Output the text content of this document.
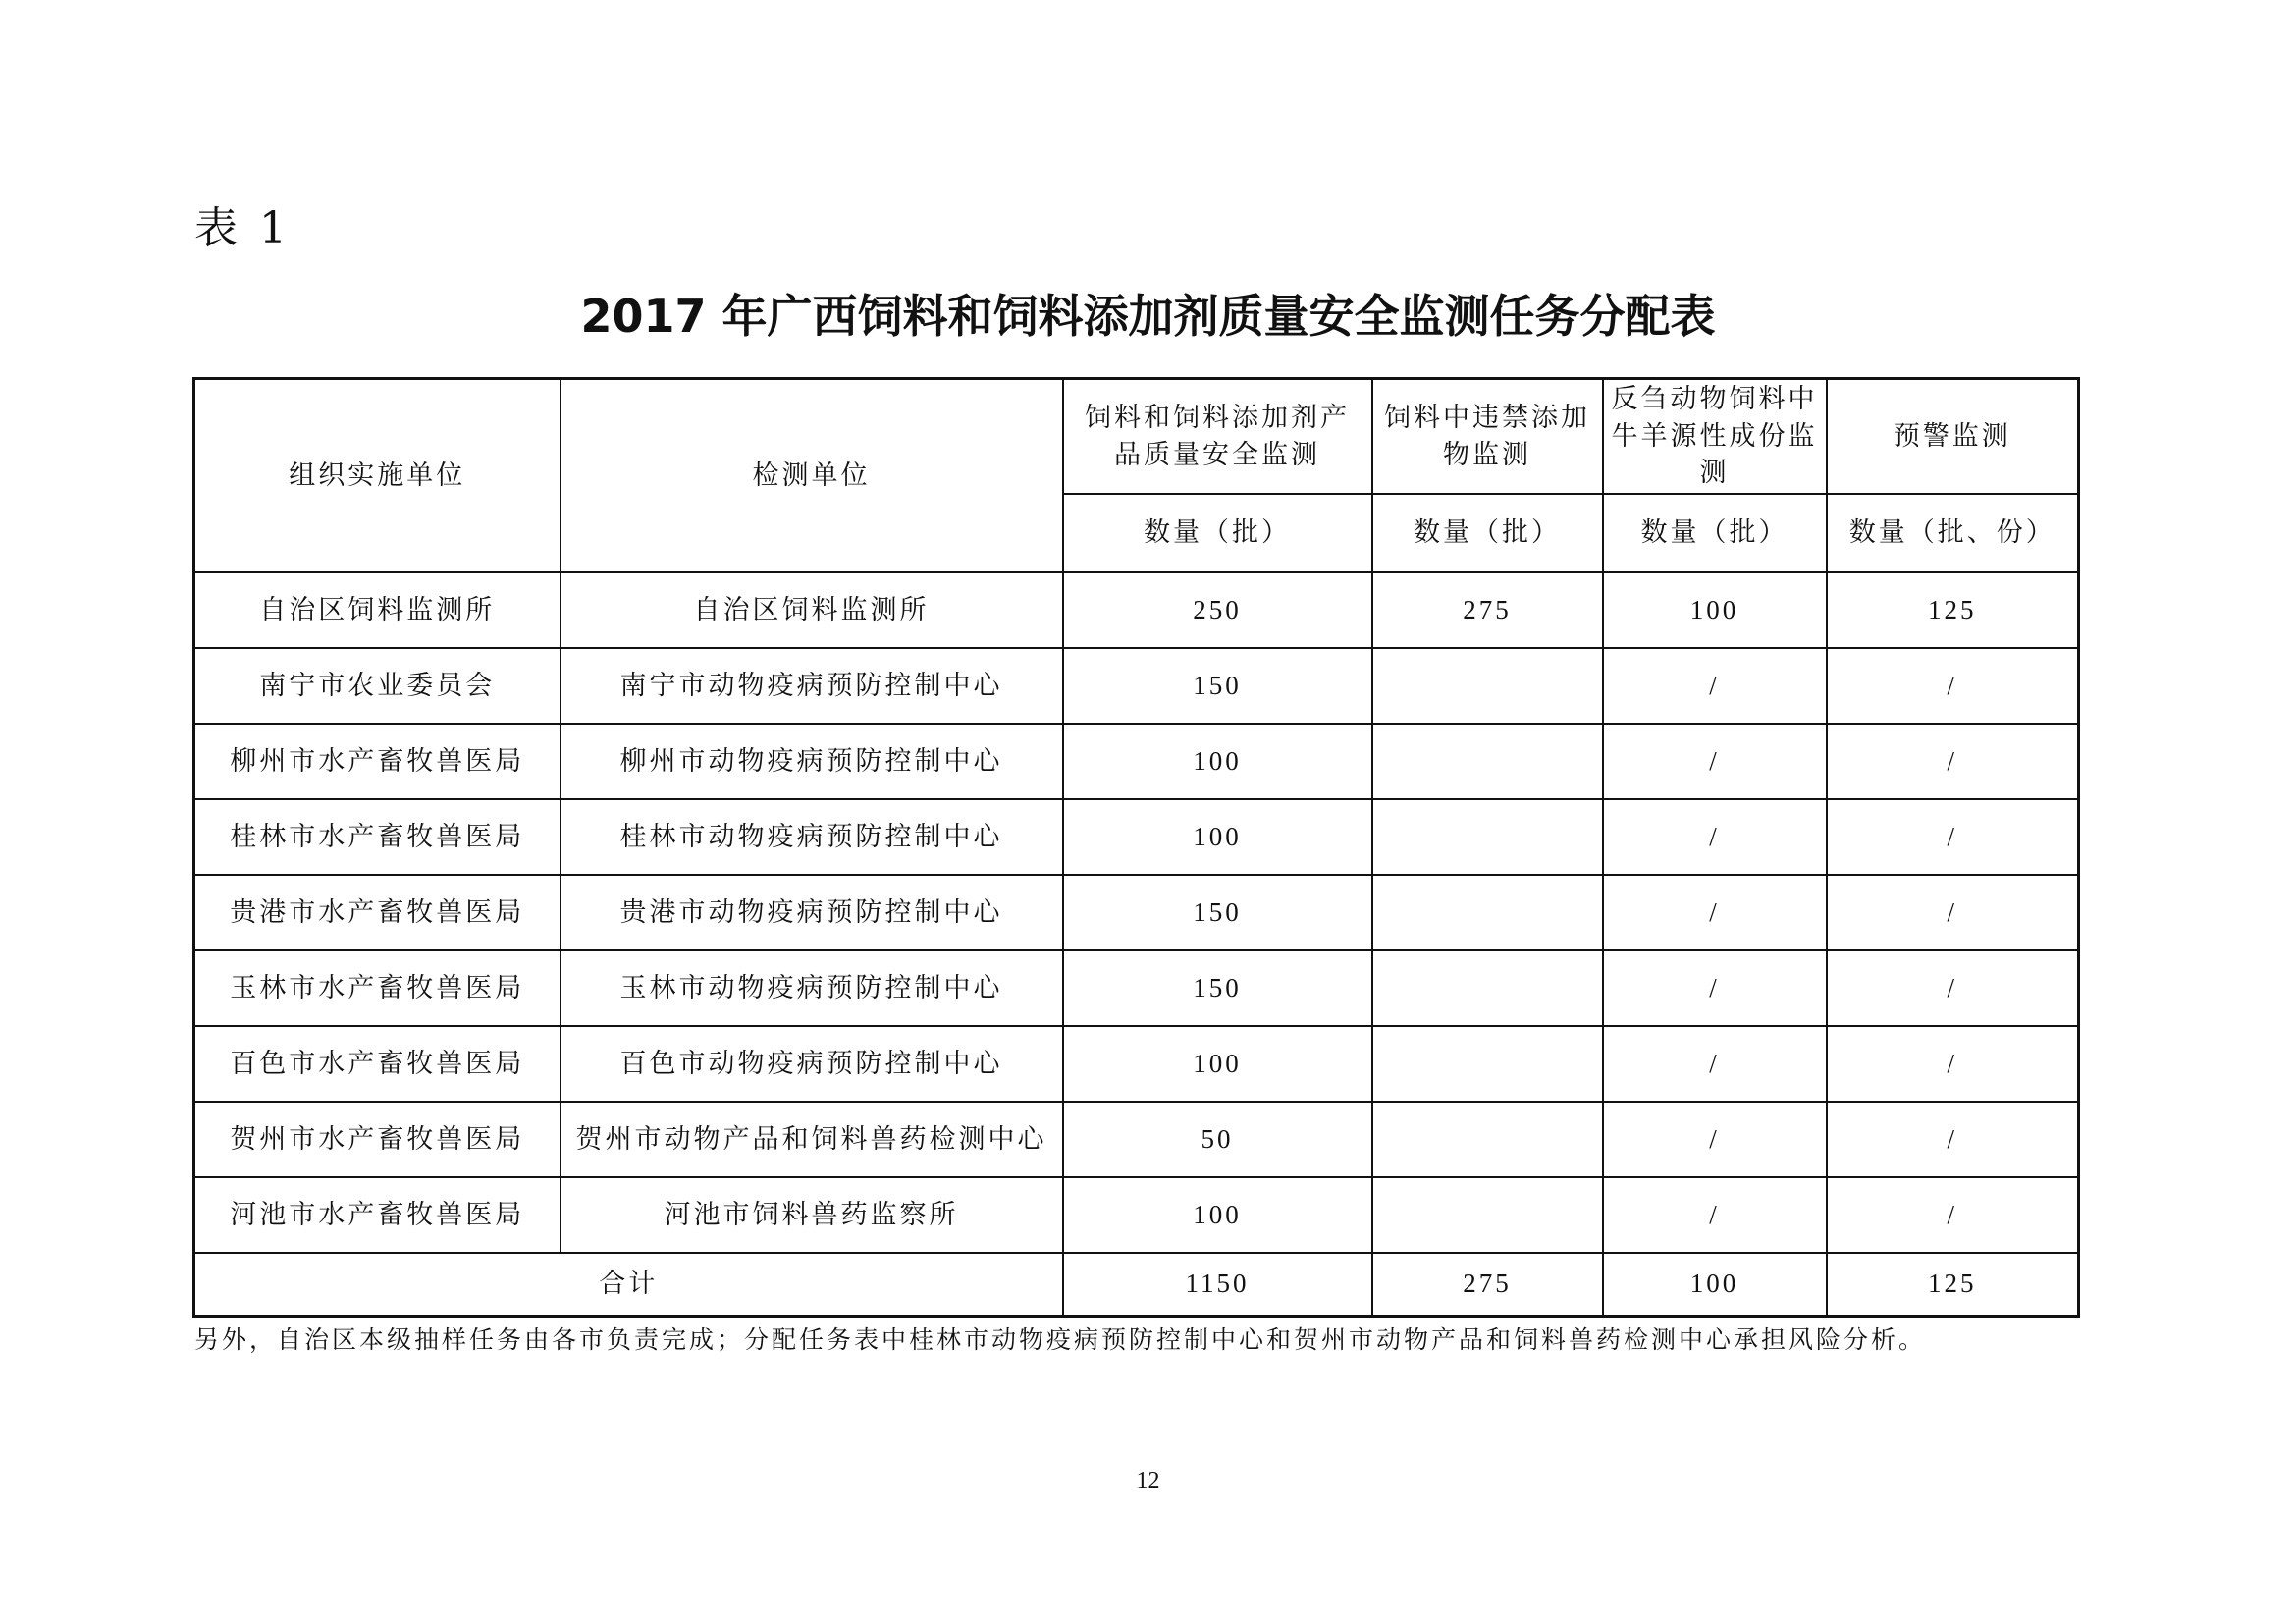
表 1
2017 年广西饲料和饲料添加剂质量安全监测任务分配表
组织实施单位	检测单位	饲料和饲料添加剂产品质量安全监测	饲料中违禁添加物监测	反刍动物饲料中牛羊源性成份监测	预警监测
		数量（批）	数量（批）	数量（批）	数量（批、份）
自治区饲料监测所	自治区饲料监测所	250	275	100	125
南宁市农业委员会	南宁市动物疫病预防控制中心	150		/	/
柳州市水产畜牧兽医局	柳州市动物疫病预防控制中心	100		/	/
桂林市水产畜牧兽医局	桂林市动物疫病预防控制中心	100		/	/
贵港市水产畜牧兽医局	贵港市动物疫病预防控制中心	150		/	/
玉林市水产畜牧兽医局	玉林市动物疫病预防控制中心	150		/	/
百色市水产畜牧兽医局	百色市动物疫病预防控制中心	100		/	/
贺州市水产畜牧兽医局	贺州市动物产品和饲料兽药检测中心	50		/	/
河池市水产畜牧兽医局	河池市饲料兽药监察所	100		/	/
合计		1150	275	100	125
另外，自治区本级抽样任务由各市负责完成；分配任务表中桂林市动物疫病预防控制中心和贺州市动物产品和饲料兽药检测中心承担风险分析。
12
